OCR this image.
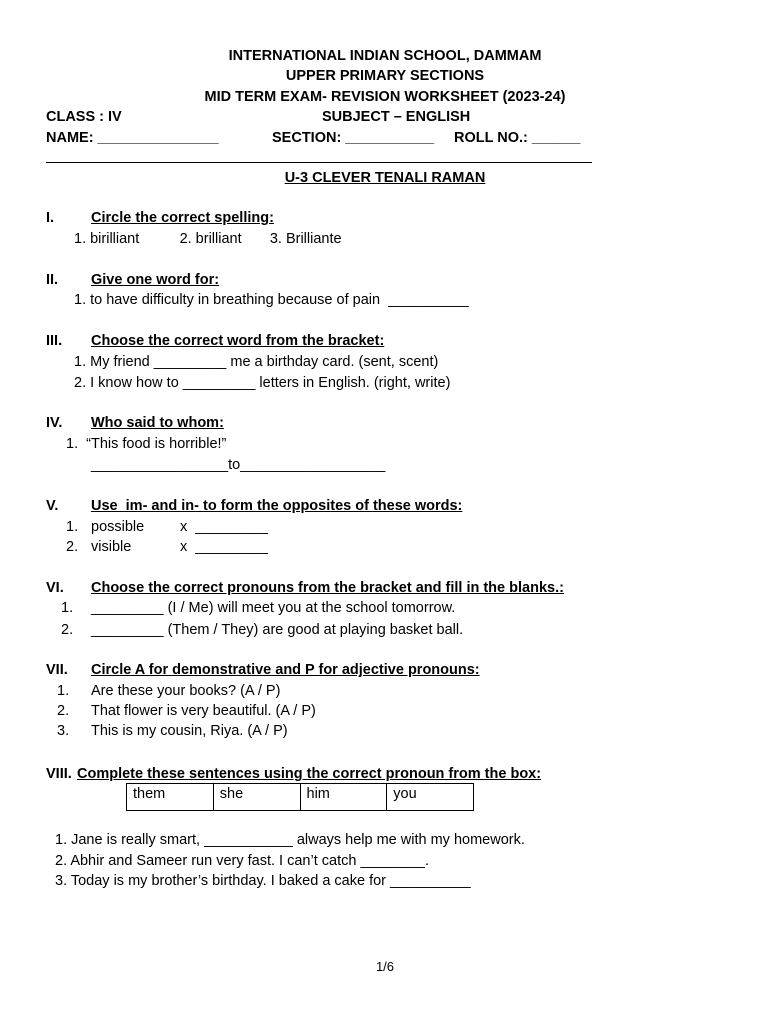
INTERNATIONAL INDIAN SCHOOL, DAMMAM
UPPER PRIMARY SECTIONS
MID TERM EXAM- REVISION WORKSHEET (2023-24)
CLASS : IV	SUBJECT – ENGLISH
NAME: _______________	SECTION: ___________ ROLL NO.: ______
U-3 CLEVER TENALI RAMAN
I.	Circle the correct spelling:
1. birilliant          2. brilliant       3. Brilliante
II. Give one word for:
1. to have difficulty in breathing because of pain  __________
III. Choose the correct word from the bracket:
1. My friend _________ me a birthday card. (sent, scent)
2. I know how to _________ letters in English. (right, write)
IV. Who said to whom:
1.  “This food is horrible!”
_________________to__________________
V. Use  im- and in- to form the opposites of these words:
1. possible x  _________
2. visible	x  _________
VI. Choose the correct pronouns from the bracket and fill in the blanks.:
1. _________ (I / Me) will meet you at the school tomorrow.
2. _________ (Them / They) are good at playing basket ball.
VII. Circle A for demonstrative and P for adjective pronouns:
1. Are these your books? (A / P)
2. That flower is very beautiful. (A / P)
3. This is my cousin, Riya. (A / P)
VIII. Complete these sentences using the correct pronoun from the box:
them	she	him	you
1. Jane is really smart, ___________ always help me with my homework.
2. Abhir and Sameer run very fast. I can’t catch ________.
3. Today is my brother’s birthday. I baked a cake for __________
1/6
